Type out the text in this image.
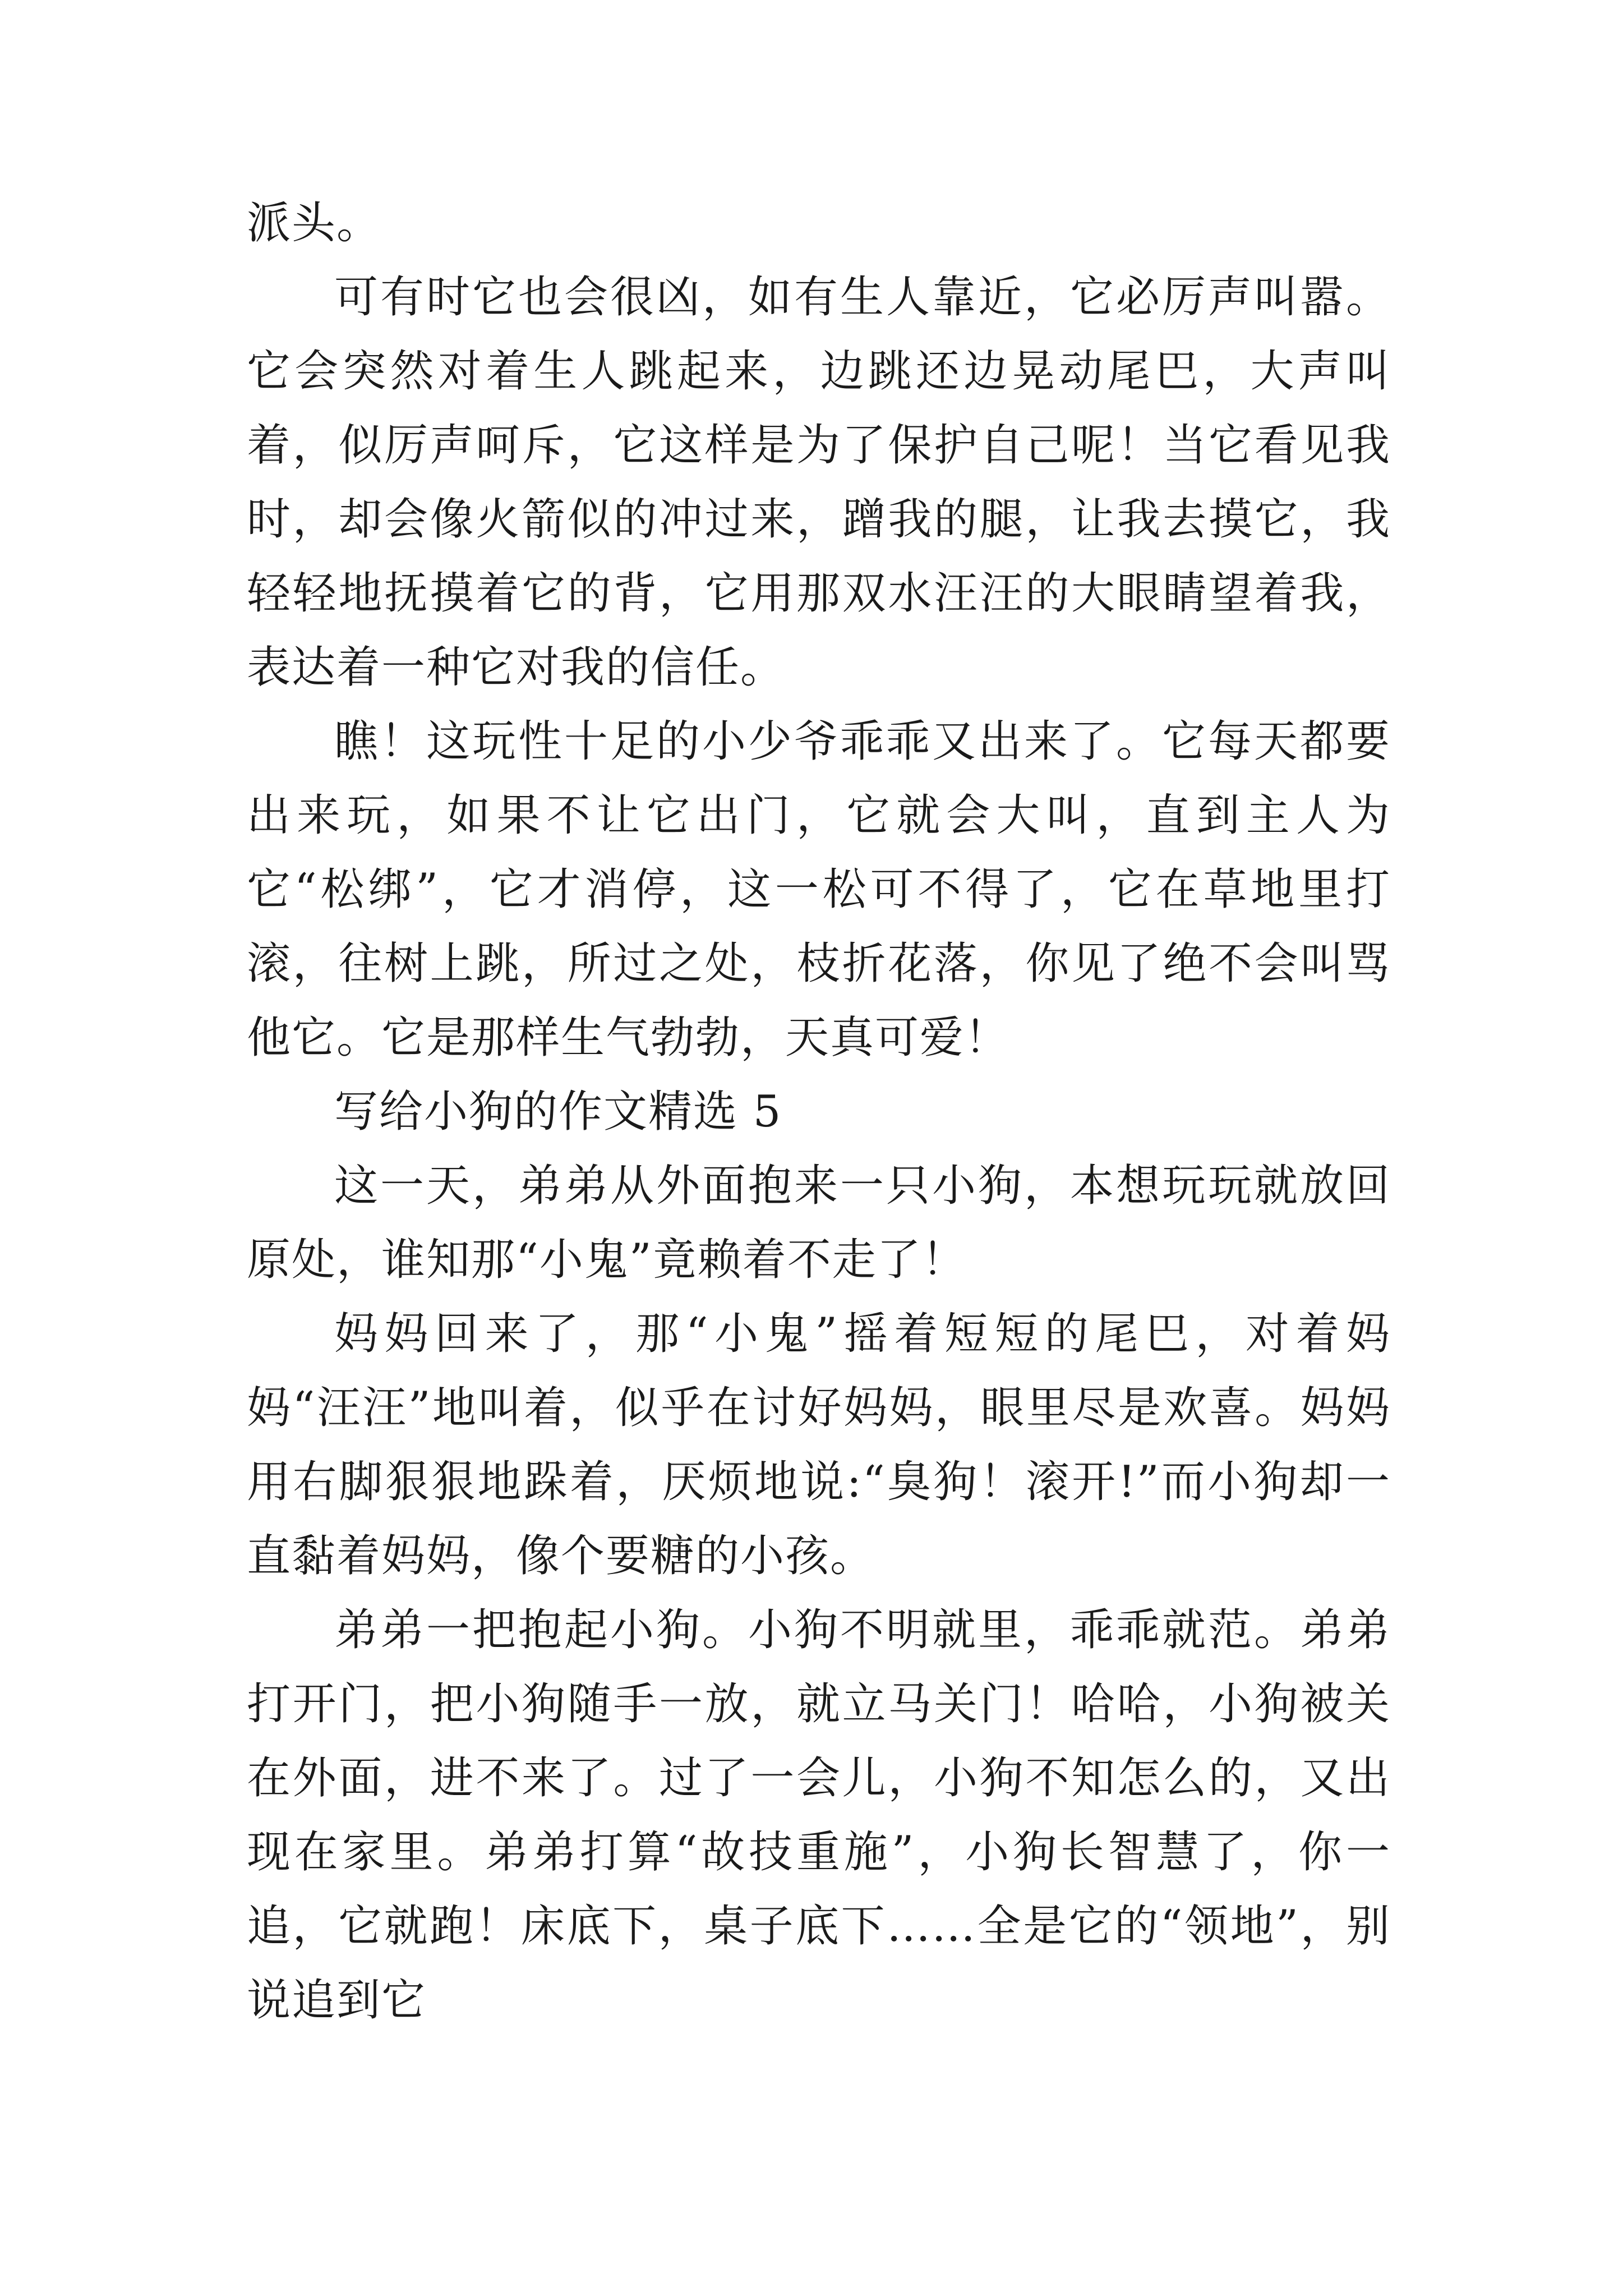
派头。

可有时它也会很凶，如有生人靠近，它必厉声叫嚣。它会突然对着生人跳起来，边跳还边晃动尾巴，大声叫着，似厉声呵斥，它这样是为了保护自己呢！当它看见我时，却会像火箭似的冲过来，蹭我的腿，让我去摸它，我轻轻地抚摸着它的背，它用那双水汪汪的大眼睛望着我，表达着一种它对我的信任。

瞧！这玩性十足的小少爷乖乖又出来了。它每天都要出来玩，如果不让它出门，它就会大叫，直到主人为它“松绑”，它才消停，这一松可不得了，它在草地里打滚，往树上跳，所过之处，枝折花落，你见了绝不会叫骂他它。它是那样生气勃勃，天真可爱！

写给小狗的作文精选 5

这一天，弟弟从外面抱来一只小狗，本想玩玩就放回原处，谁知那“小鬼”竟赖着不走了！

妈妈回来了，那“小鬼”摇着短短的尾巴，对着妈妈“汪汪”地叫着，似乎在讨好妈妈，眼里尽是欢喜。妈妈用右脚狠狠地跺着，厌烦地说:“臭狗！滚开!”而小狗却一直黏着妈妈，像个要糖的小孩。

弟弟一把抱起小狗。小狗不明就里，乖乖就范。弟弟打开门，把小狗随手一放，就立马关门！哈哈，小狗被关在外面，进不来了。过了一会儿，小狗不知怎么的，又出现在家里。弟弟打算“故技重施”，小狗长智慧了，你一追，它就跑！床底下，桌子底下……全是它的“领地”，别说追到它
